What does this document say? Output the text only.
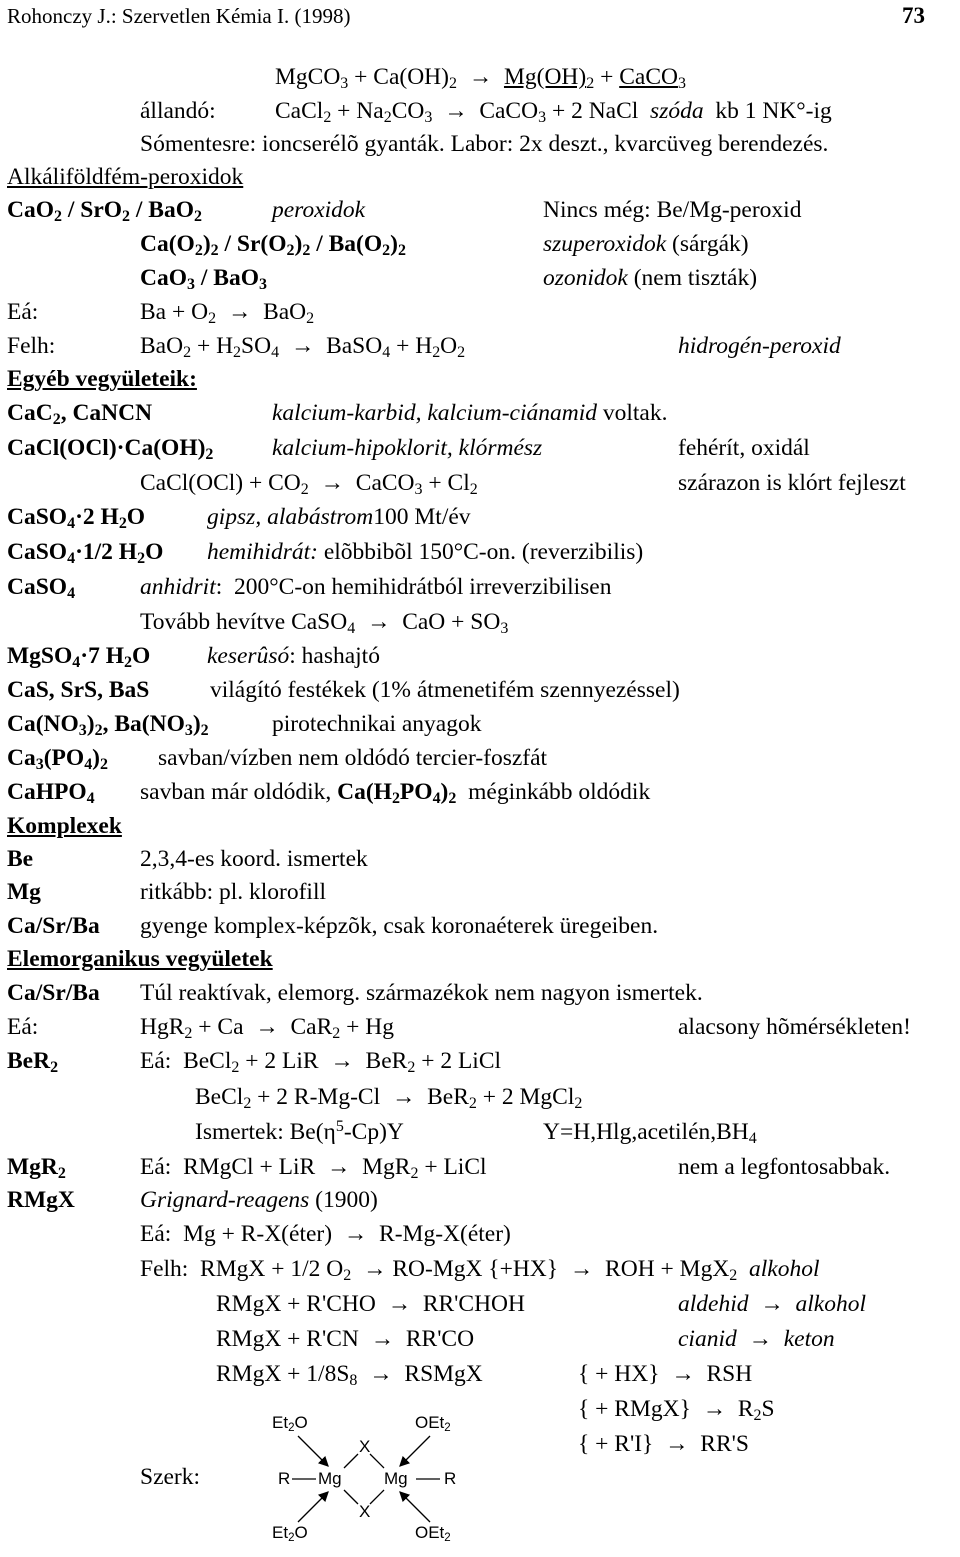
Rohonczy J.: Szervetlen Kémia I. (1998)	73
MgCO$_3$ + $Ca(OH)_2 \to Mg(OH)_2$ + CaCO$_3$
állandó:	CaCl$_2$ + $Na_2CO_3$  →  CaCO$_3$ + 2 NaCl  szóda  kb 1 NK°-ig
Sómentesre: ioncserélõ gyanták. Labor: 2x deszt., kvarcüveg berendezés.
Alkáliföldfém-peroxidok
CaO$_2$ / SrO$_2$ / BaO$_2$	peroxidok	Nincs még: Be/Mg-peroxid
$Ca(O_2)_2 / Sr(O_2)_2 / Ba(O_2)_2$	szuperoxidok (sárgák)
CaO$_3$ / BaO$_3$	ozonidok (nem tiszták)
Eá:	$Ba + O_2 \to BaO_2$
Felh:	$BaO_2 + H_2SO_4$  →  BaSO$_4$ + $H_2O_2$	hidrogén-peroxid
Egyéb vegyületeik:
CaC$_2$, CaNCN	kalcium-karbid, kalcium-ciánamid voltak.
$CaCl(OCl)\cdot Ca(OH)_2$ kalcium-hipoklorit, klórmész	fehérít, oxidál
CaCl(OCl) + $CO_2$  →  CaCO$_3$ + $Cl_2$	szárazon is klórt fejleszt
CaSO$_4$·2 $H_2O$	gipsz, alabástrom100 Mt/év
CaSO$_4$·1/2 $H_2O$ hemihidrát: elõbbibõl 150°C-on. (reverzibilis)
CaSO$_4$	anhidrit:  200°C-on hemihidrátból irreverzibilisen
Tovább hevítve CaSO$_4$  →  CaO + $SO_3$
MgSO$_4$·7 $H_2O$ keserûsó: hashajtó
CaS, SrS, BaS	világító festékek (1% átmenetifém szennyezéssel)
$Ca(NO_3)_2$, $Ba(NO_3)_2$	pirotechnikai anyagok
$Ca_3(PO_4)_2$ savban/vízben nem oldódó tercier-foszfát
CaHPO$_4$ savban már oldódik, $Ca(H_2PO_4)_2$  méginkább oldódik
Komplexek
Be	2,3,4-es koord. ismertek
Mg	ritkább: pl. klorofill
Ca/Sr/Ba gyenge komplex-képzõk, csak koronaéterek üregeiben.
Elemorganikus vegyületek
Ca/Sr/Ba Túl reaktívak, elemorg. származékok nem nagyon ismertek.
Eá:	HgR$_2$ + Ca  →  CaR$_2$ + Hg	alacsony hõmérsékleten!
BeR$_2$	Eá:  BeCl$_2$ + 2 LiR  →  BeR$_2$ + 2 LiCl
BeCl$_2$ + 2 R-Mg-Cl  →  BeR$_2$ + 2 MgCl$_2$
Ismertek: $Be(\eta^5-Cp)Y$	$Y=H,Hlg,acetilén,BH_4$
MgR$_2$	Eá:  RMgCl + LiR  →  MgR$_2$ + LiCl	nem a legfontosabbak.
RMgX	Grignard-reagens (1900)
Eá:  Mg + R-X(éter)  →  R-Mg-X(éter)
Felh:  RMgX + 1/2 $O_2 \to RO-MgX$ {+HX}  →  ROH + MgX$_2$ alkohol
RMgX + R'CHO  →  RR'CHOH	aldehid  →  alkohol
RMgX + R'CN  →  RR'CO	cianid  →  keton
RMgX + $1/8S_8$  →  RSMgX	{ + HX}  →  RSH
{ + RMgX}  →  $R_2S$
{ + R'I}  →  RR'S
Szerk:
$Et_2O$	OEt$_2$
X
R Mg Mg R
X
$Et_2O$	OEt$_2$
